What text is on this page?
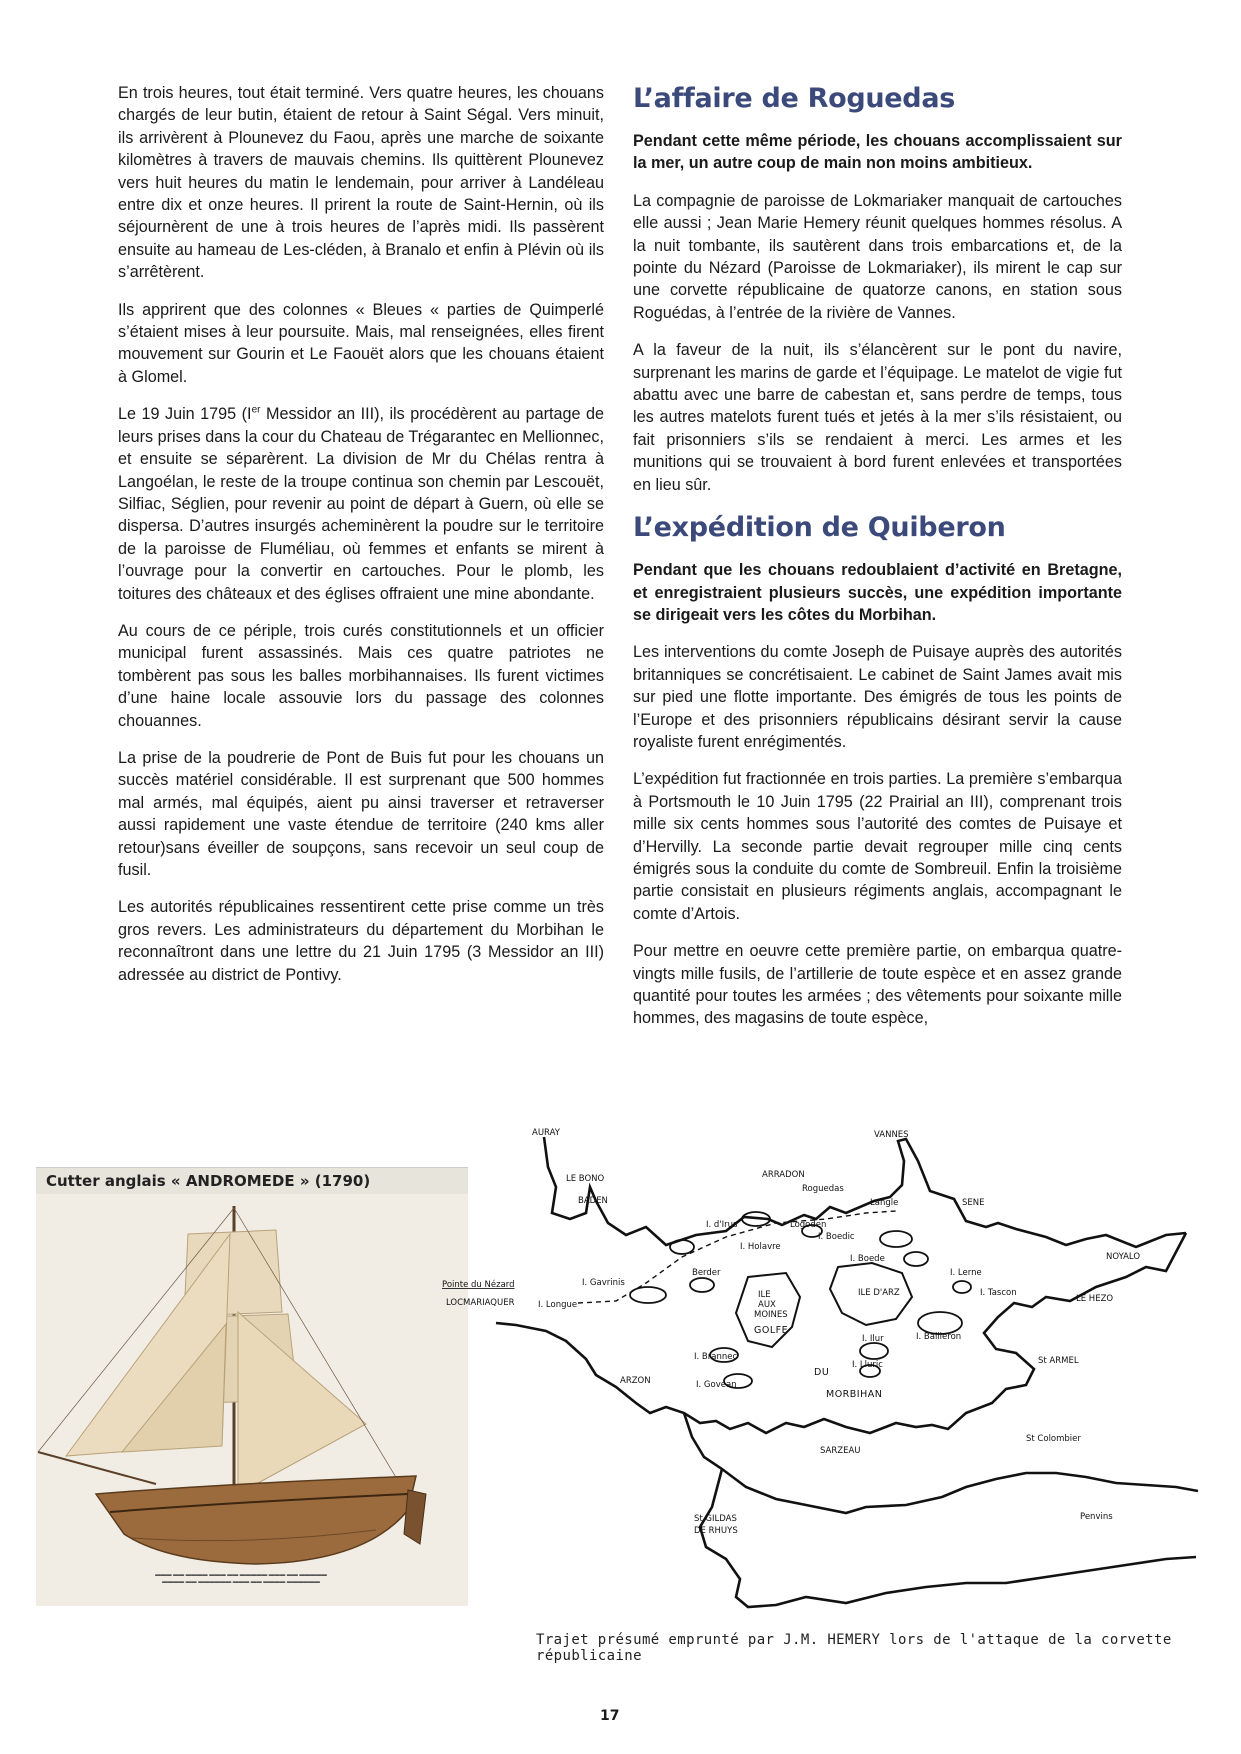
En trois heures, tout était terminé. Vers quatre heures, les chouans chargés de leur butin, étaient de retour à Saint Ségal. Vers minuit, ils arrivèrent à Plounevez du Faou, après une marche de soixante kilomètres à travers de mauvais chemins. Ils quittèrent Plounevez vers huit heures du matin le lendemain, pour arriver à Landéleau entre dix et onze heures. Il prirent la route de Saint-Hernin, où ils séjournèrent de une à trois heures de l’après midi. Ils passèrent ensuite au hameau de Les-cléden, à Branalo et enfin à Plévin où ils s’arrêtèrent.

Ils apprirent que des colonnes « Bleues « parties de Quimperlé s’étaient mises à leur poursuite. Mais, mal renseignées, elles firent mouvement sur Gourin et Le Faouët alors que les chouans étaient à Glomel.

Le 19 Juin 1795 (Ier Messidor an III), ils procédèrent au partage de leurs prises dans la cour du Chateau de Trégarantec en Mellionnec, et ensuite se séparèrent. La division de Mr du Chélas rentra à Langoélan, le reste de la troupe continua son chemin par Lescouët, Silfiac, Séglien, pour revenir au point de départ à Guern, où elle se dispersa. D’autres insurgés acheminèrent la poudre sur le territoire de la paroisse de Fluméliau, où femmes et enfants se mirent à l’ouvrage pour la convertir en cartouches. Pour le plomb, les toitures des châteaux et des églises offraient une mine abondante.

Au cours de ce périple, trois curés constitutionnels et un officier municipal furent assassinés. Mais ces quatre patriotes ne tombèrent pas sous les balles morbihannaises. Ils furent victimes d’une haine locale assouvie lors du passage des colonnes chouannes.

La prise de la poudrerie de Pont de Buis fut pour les chouans un succès matériel considérable. Il est surprenant que 500 hommes mal armés, mal équipés, aient pu ainsi traverser et retraverser aussi rapidement une vaste étendue de territoire (240 kms aller retour)sans éveiller de soupçons, sans recevoir un seul coup de fusil.

Les autorités républicaines ressentirent cette prise comme un très gros revers. Les administrateurs du département du Morbihan le reconnaîtront dans une lettre du 21 Juin 1795 (3 Messidor an III) adressée au district de Pontivy.

L’affaire de Roguedas

Pendant cette même période, les chouans accomplissaient sur la mer, un autre coup de main non moins ambitieux.

La compagnie de paroisse de Lokmariaker manquait de cartouches elle aussi ; Jean Marie Hemery réunit quelques hommes résolus. A la nuit tombante, ils sautèrent dans trois embarcations et, de la pointe du Nézard (Paroisse de Lokmariaker), ils mirent le cap sur une corvette républicaine de quatorze canons, en station sous Roguédas, à l’entrée de la rivière de Vannes.

A la faveur de la nuit, ils s’élancèrent sur le pont du navire, surprenant les marins de garde et l’équipage. Le matelot de vigie fut abattu avec une barre de cabestan et, sans perdre de temps, tous les autres matelots furent tués et jetés à la mer s’ils résistaient, ou fait prisonniers s’ils se rendaient à merci. Les armes et les munitions qui se trouvaient à bord furent enlevées et transportées en lieu sûr.

L’expédition de Quiberon

Pendant que les chouans redoublaient d’activité en Bretagne, et enregistraient plusieurs succès, une expédition importante se dirigeait vers les côtes du Morbihan.

Les interventions du comte Joseph de Puisaye auprès des autorités britanniques se concrétisaient. Le cabinet de Saint James avait mis sur pied une flotte importante. Des émigrés de tous les points de l’Europe et des prisonniers républicains désirant servir la cause royaliste furent enrégimentés.

L’expédition fut fractionnée en trois parties. La première s’embarqua à Portsmouth le 10 Juin 1795 (22 Prairial an III), comprenant trois mille six cents hommes sous l’autorité des comtes de Puisaye et d’Hervilly. La seconde partie devait regrouper mille cinq cents émigrés sous la conduite du comte de Sombreuil. Enfin la troisième partie consistait en plusieurs régiments anglais, accompagnant le comte d’Artois.

Pour mettre en oeuvre cette première partie, on embarqua quatre-vingts mille fusils, de l’artillerie de toute espèce et en assez grande quantité pour toutes les armées ; des vêtements pour soixante mille hommes, des magasins de toute espèce,

Cutter anglais « ANDROMEDE » (1790)
▬▬▬ ▬▬ ▬▬▬▬ ▬▬▬ ▬▬ ▬▬▬▬▬ ▬▬▬ ▬▬ ▬▬▬▬▬
▬▬▬▬ ▬▬ ▬▬▬▬▬▬ ▬▬▬ ▬▬ ▬▬▬▬ ▬▬▬▬▬▬
AURAY	VANNES
LE BONO
BADEN
ARRADON
Roguedas
Langle	SENE
I. d'Irus	Logoden
I. Boedic
I. Holavre
I. Boede
Berder
I. Gavrinis
Pointe du Nézard
LOCMARIAQUER	I. Longue
ILE
AUX
MOINES
ILE D'ARZ
I. Lerne
I. Tascon
LE HEZO
NOYALO
GOLFE
DU
MORBIHAN
I. Bailleron
I. Ilur
I. Lluric	St ARMEL
I. Brannec
I. Govean
ARZON
St Colombier
SARZEAU
St GILDAS
DE RHUYS
Penvins
Trajet présumé emprunté par J.M. HEMERY lors de l'attaque de la corvette républicaine
17
